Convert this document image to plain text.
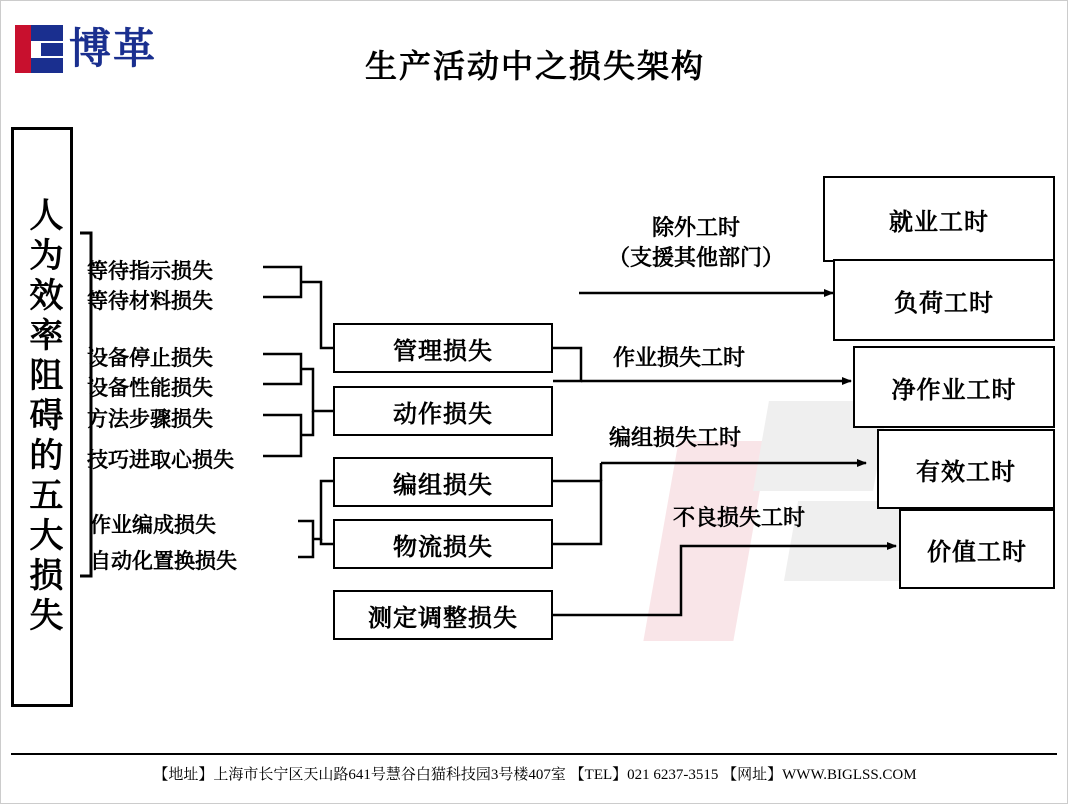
博革	生产活动中之损失架构
人为效率阻碍的五大损失 等待指示损失
等待材料损失
设备停止损失
设备性能损失
方法步骤损失
技巧进取心损失
作业编成损失
自动化置换损失
管理损失
动作损失
编组损失
物流损失
测定调整损失
除外工时
（支援其他部门）
作业损失工时
编组损失工时
不良损失工时
就业工时
负荷工时
净作业工时
有效工时
价值工时
【地址】上海市长宁区天山路641号慧谷白猫科技园3号楼407室 【TEL】021 6237-3515 【网址】WWW.BIGLSS.COM
